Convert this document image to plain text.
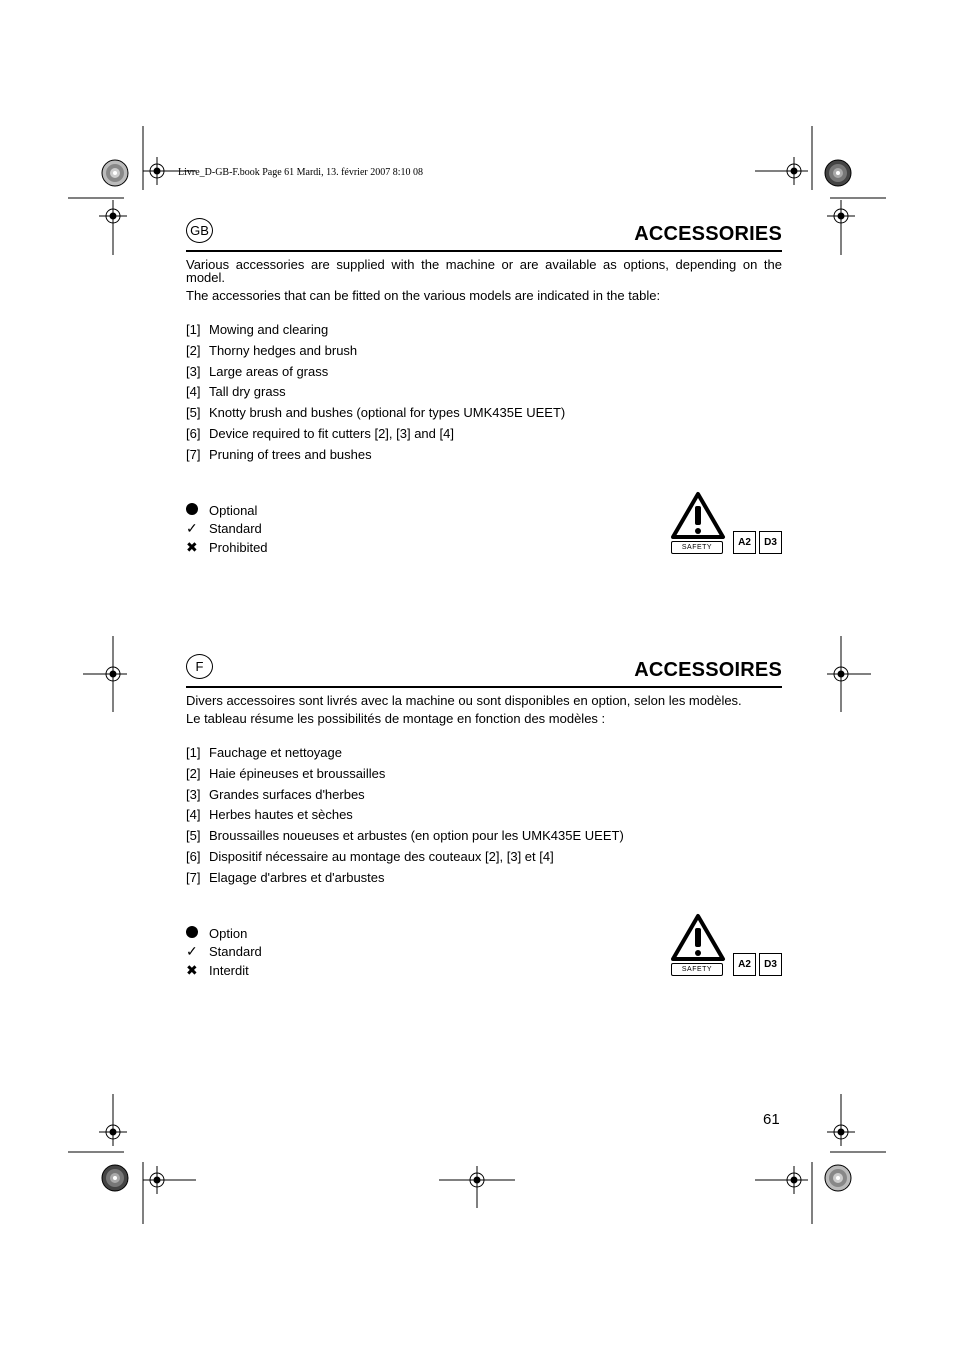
Livre_D-GB-F.book Page 61 Mardi, 13. février 2007 8:10 08
GB	ACCESSORIES

Various accessories are supplied with the machine or are available as options, depending on the model.

The accessories that can be fitted on the various models are indicated in the table:

[1] Mowing and clearing
[2] Thorny hedges and brush
[3] Large areas of grass
[4] Tall dry grass
[5] Knotty brush and bushes (optional for types UMK435E UEET)
[6] Device required to fit cutters [2], [3] and [4]
[7] Pruning of trees and bushes
Optional
✓ Standard
✖ Prohibited	SAFETY	A2	D3
F	ACCESSOIRES

Divers accessoires sont livrés avec la machine ou sont disponibles en option, selon les modèles.

Le tableau résume les possibilités de montage en fonction des modèles :

[1] Fauchage et nettoyage
[2] Haie épineuses et broussailles
[3] Grandes surfaces d'herbes
[4] Herbes hautes et sèches
[5] Broussailles noueuses et arbustes (en option pour les UMK435E UEET)
[6] Dispositif nécessaire au montage des couteaux [2], [3] et [4]
[7] Elagage d'arbres et d'arbustes
Option
✓ Standard
✖ Interdit	SAFETY	A2	D3
61
